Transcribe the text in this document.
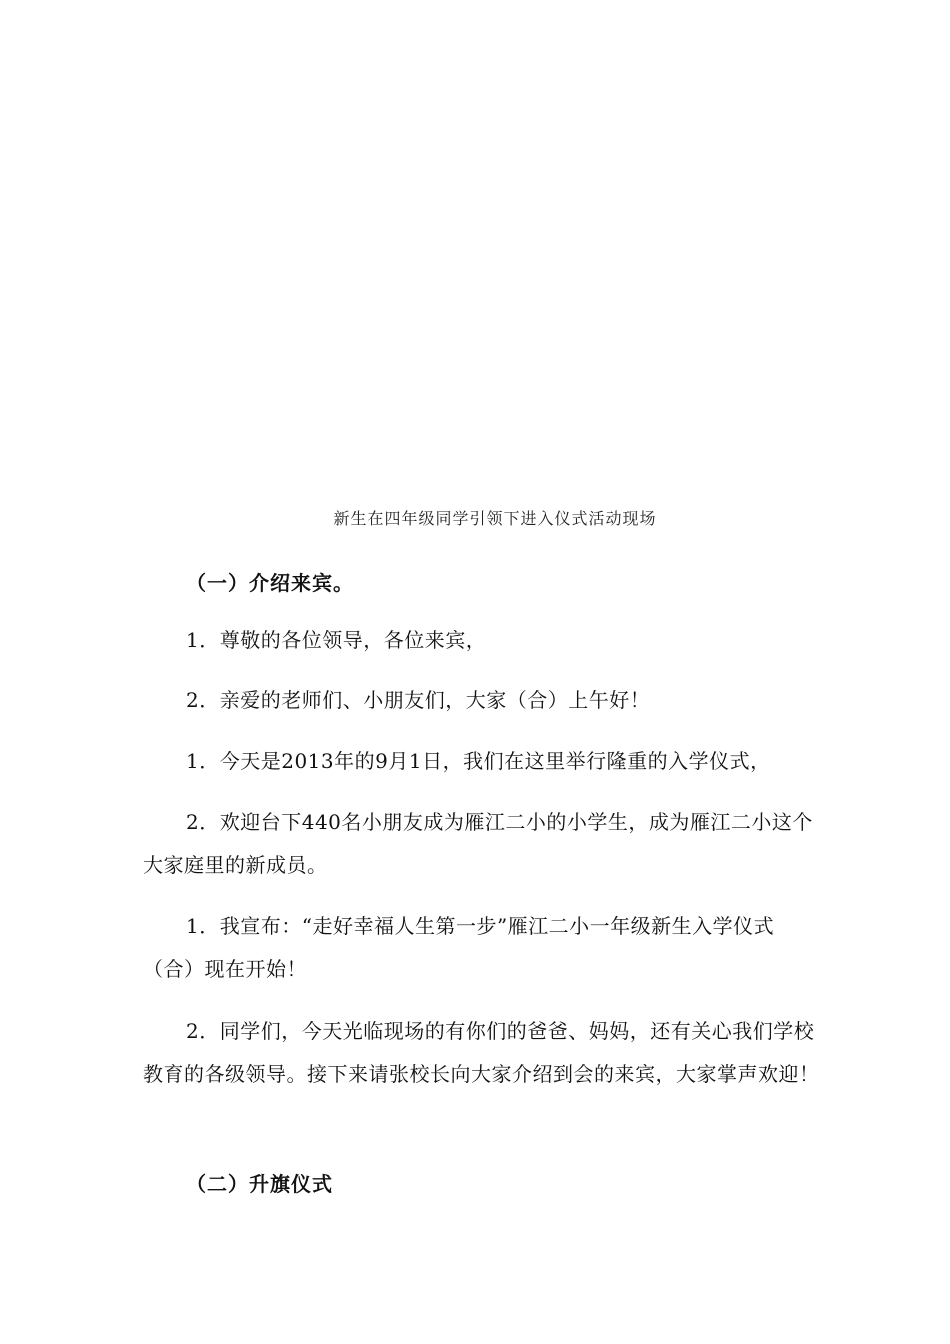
新生在四年级同学引领下进入仪式活动现场
（一）介绍来宾。
1．尊敬的各位领导，各位来宾，
2．亲爱的老师们、小朋友们，大家（合）上午好！
1．今天是2013年的9月1日，我们在这里举行隆重的入学仪式，
2．欢迎台下440名小朋友成为雁江二小的小学生，成为雁江二小这个大家庭里的新成员。
1．我宣布：“走好幸福人生第一步”雁江二小一年级新生入学仪式（合）现在开始！
2．同学们，今天光临现场的有你们的爸爸、妈妈，还有关心我们学校教育的各级领导。接下来请张校长向大家介绍到会的来宾，大家掌声欢迎！
（二）升旗仪式
